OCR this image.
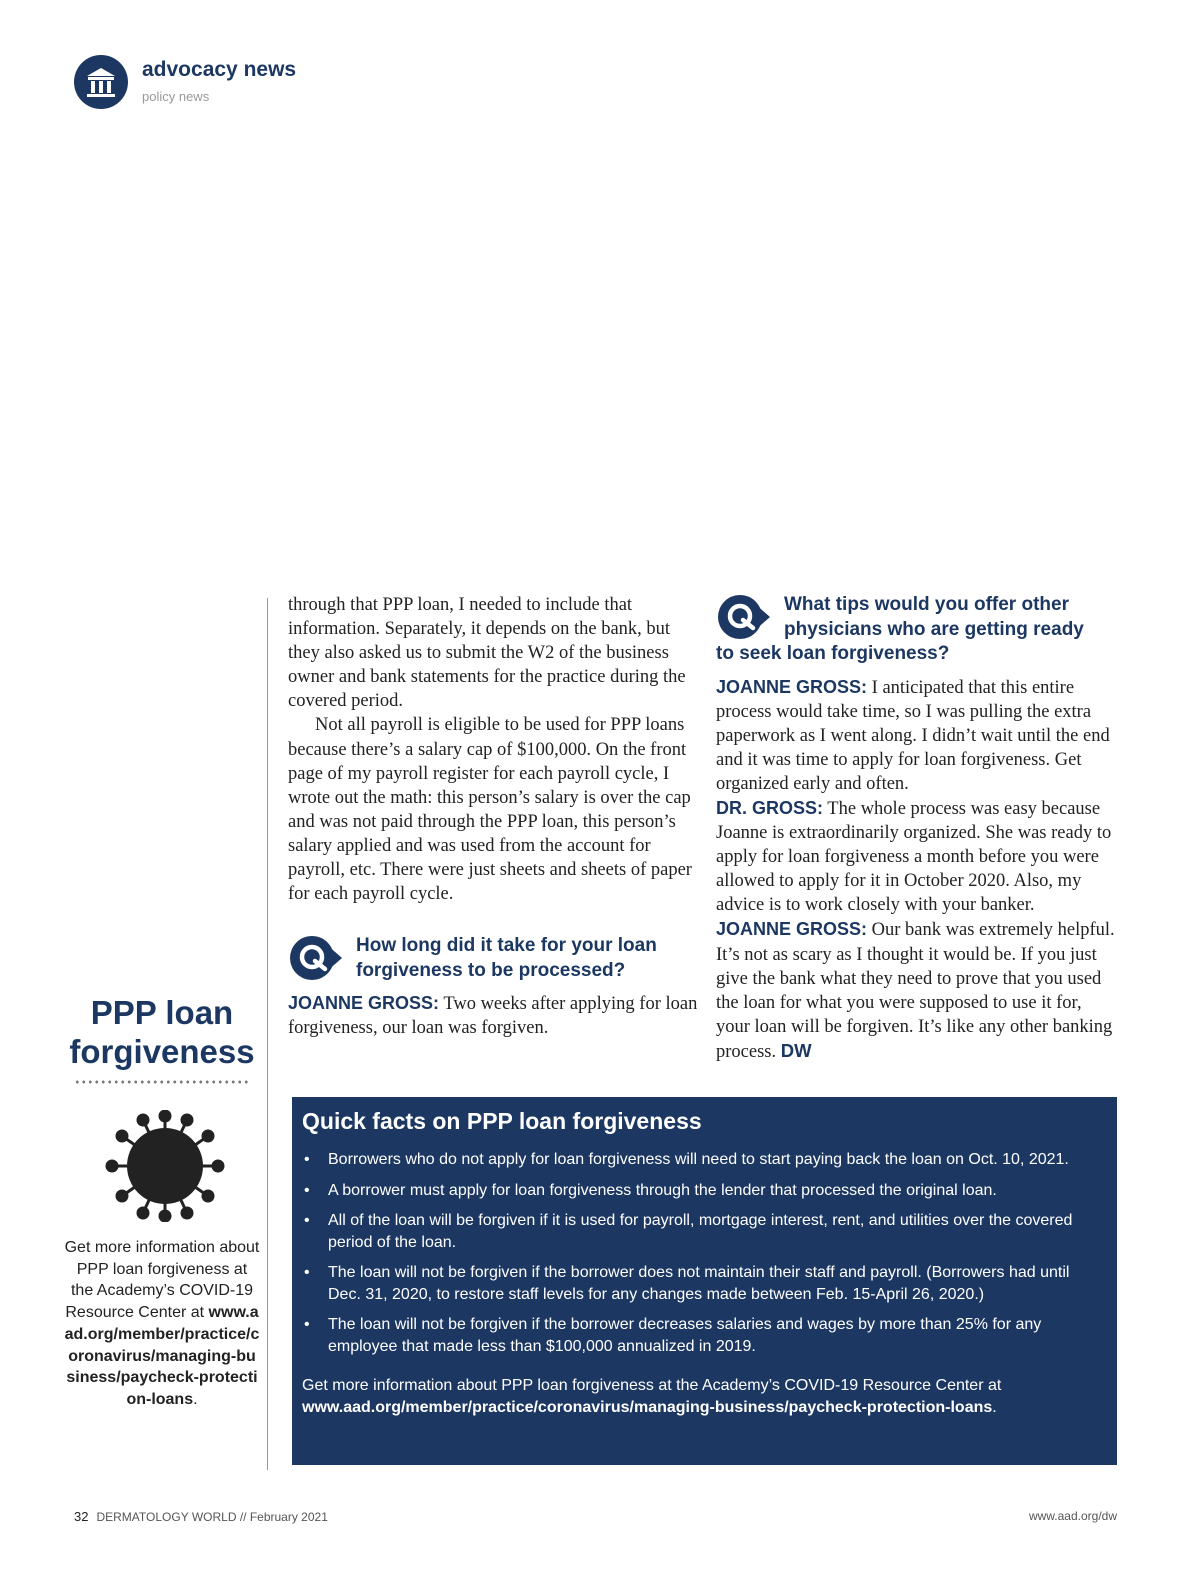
advocacy news
policy news
PPP loan forgiveness
Get more information about PPP loan forgiveness at the Academy’s COVID-19 Resource Center at www.aad.org/member/practice/coronavirus/managing-business/paycheck-protection-loans.

through that PPP loan, I needed to include that information. Separately, it depends on the bank, but they also asked us to submit the W2 of the business owner and bank statements for the practice during the covered period.

Not all payroll is eligible to be used for PPP loans because there’s a salary cap of $100,000. On the front page of my payroll register for each payroll cycle, I wrote out the math: this person’s salary is over the cap and was not paid through the PPP loan, this person’s salary applied and was used from the account for payroll, etc. There were just sheets and sheets of paper for each payroll cycle.

How long did it take for your loan forgiveness to be processed?

JOANNE GROSS: Two weeks after applying for loan forgiveness, our loan was forgiven.

What tips would you offer other physicians who are getting ready
to seek loan forgiveness?

JOANNE GROSS: I anticipated that this entire process would take time, so I was pulling the extra paperwork as I went along. I didn’t wait until the end and it was time to apply for loan forgiveness. Get organized early and often.

DR. GROSS: The whole process was easy because Joanne is extraordinarily organized. She was ready to apply for loan forgiveness a month before you were allowed to apply for it in October 2020. Also, my advice is to work closely with your banker.

JOANNE GROSS: Our bank was extremely helpful. It’s not as scary as I thought it would be. If you just give the bank what they need to prove that you used the loan for what you were supposed to use it for, your loan will be forgiven. It’s like any other banking process. DW

Quick facts on PPP loan forgiveness
• Borrowers who do not apply for loan forgiveness will need to start paying back the loan on Oct. 10, 2021.
• A borrower must apply for loan forgiveness through the lender that processed the original loan.
• All of the loan will be forgiven if it is used for payroll, mortgage interest, rent, and utilities over the covered period of the loan.
• The loan will not be forgiven if the borrower does not maintain their staff and payroll. (Borrowers had until Dec. 31, 2020, to restore staff levels for any changes made between Feb. 15-April 26, 2020.)
• The loan will not be forgiven if the borrower decreases salaries and wages by more than 25% for any employee that made less than $100,000 annualized in 2019.
Get more information about PPP loan forgiveness at the Academy’s COVID-19 Resource Center at www.aad.org/member/practice/coronavirus/managing-business/paycheck-protection-loans.
32 DERMATOLOGY WORLD // February 2021	www.aad.org/dw
